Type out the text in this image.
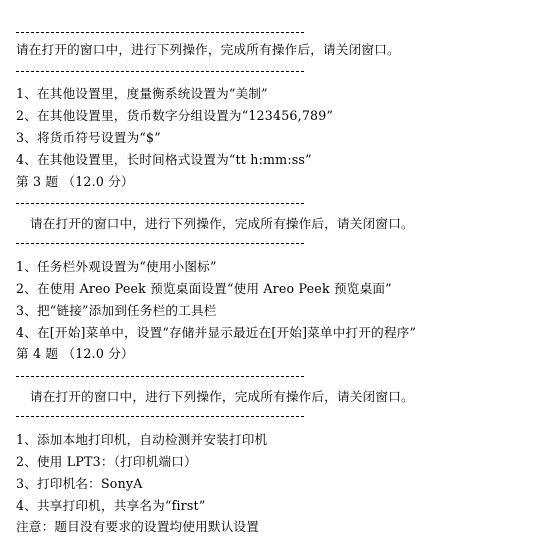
请在打开的窗口中，进行下列操作，完成所有操作后，请关闭窗口。
1、在其他设置里，度量衡系统设置为“美制”
2、在其他设置里，货币数字分组设置为“123456,789”
3、将货币符号设置为“$”
4、在其他设置里，长时间格式设置为“tt h:mm:ss”
第 3 题 （12.0 分）
请在打开的窗口中，进行下列操作，完成所有操作后，请关闭窗口。
1、任务栏外观设置为“使用小图标”
2、在使用 Areo Peek 预览桌面设置“使用 Areo Peek 预览桌面”
3、把“链接”添加到任务栏的工具栏
4、在[开始]菜单中，设置“存储并显示最近在[开始]菜单中打开的程序”
第 4 题 （12.0 分）
请在打开的窗口中，进行下列操作，完成所有操作后，请关闭窗口。
1、添加本地打印机，自动检测并安装打印机
2、使用 LPT3：（打印机端口）
3、打印机名：SonyA
4、共享打印机，共享名为“first”
注意：题目没有要求的设置均使用默认设置
